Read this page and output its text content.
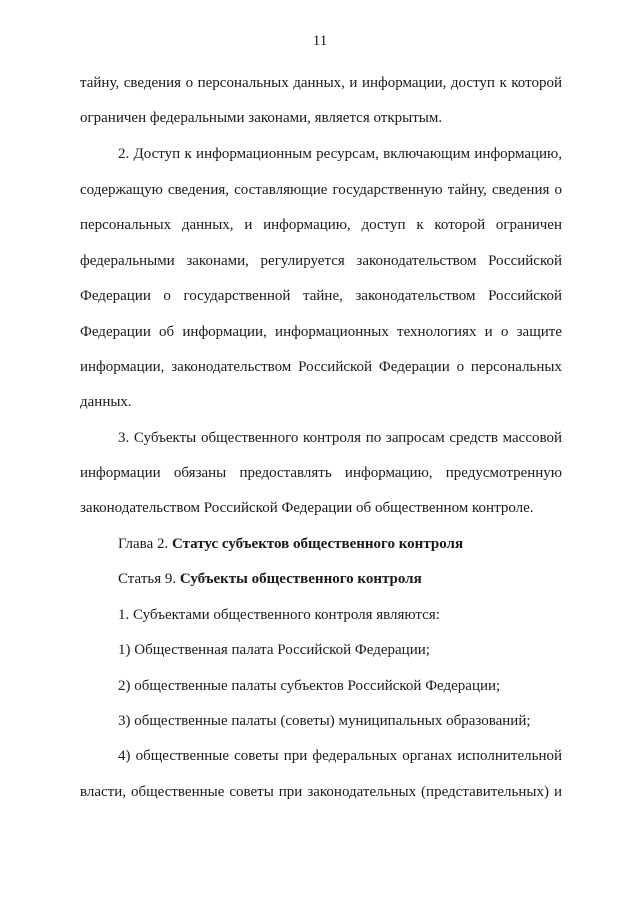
11
тайну, сведения о персональных данных, и информации, доступ к которой
ограничен федеральными законами, является открытым.
2. Доступ к информационным ресурсам, включающим информацию,
содержащую сведения, составляющие государственную тайну, сведения о
персональных данных, и информацию, доступ к которой ограничен
федеральными законами, регулируется законодательством Российской
Федерации о государственной тайне, законодательством Российской
Федерации об информации, информационных технологиях и о защите
информации, законодательством Российской Федерации о персональных
данных.
3. Субъекты общественного контроля по запросам средств массовой
информации обязаны предоставлять информацию, предусмотренную
законодательством Российской Федерации об общественном контроле.
Глава 2. Статус субъектов общественного контроля
Статья 9. Субъекты общественного контроля
1. Субъектами общественного контроля являются:
1) Общественная палата Российской Федерации;
2) общественные палаты субъектов Российской Федерации;
3) общественные палаты (советы) муниципальных образований;
4) общественные советы при федеральных органах исполнительной
власти, общественные советы при законодательных (представительных) и
